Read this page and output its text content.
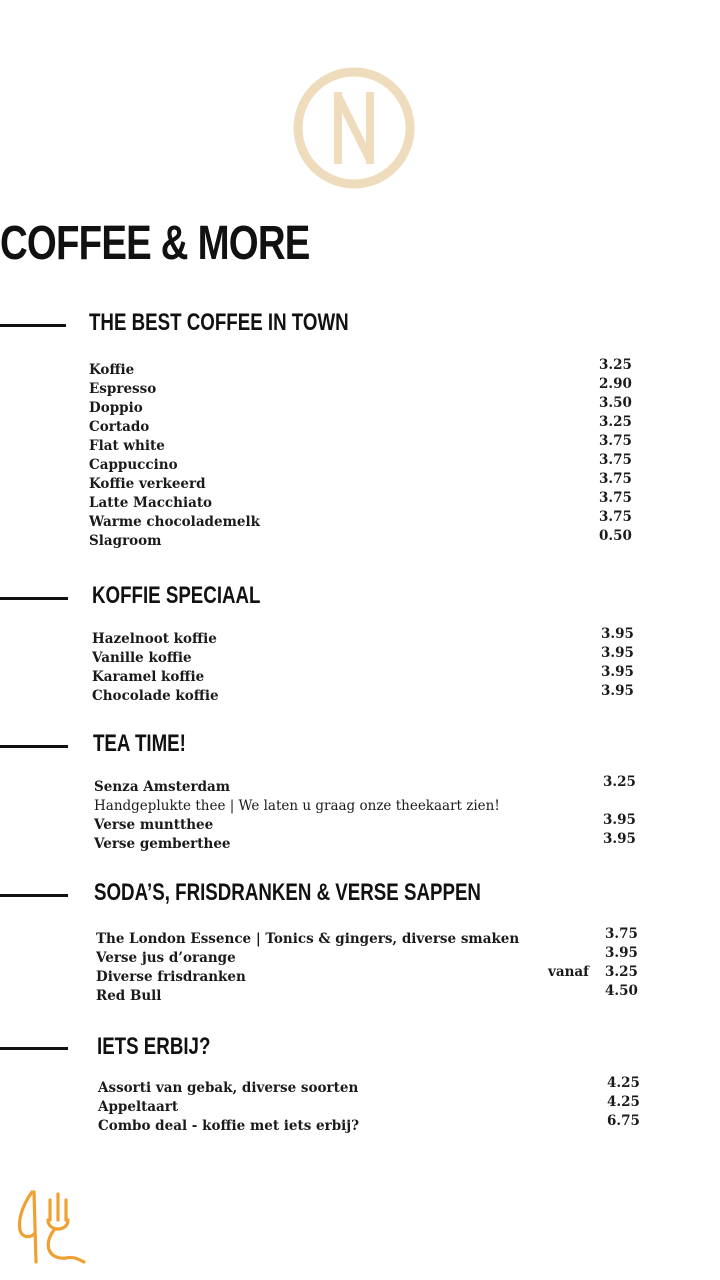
COFFEE & MORE
THE BEST COFFEE IN TOWN
Koffie	3.25
Espresso	2.90
Doppio	3.50
Cortado	3.25
Flat white	3.75
Cappuccino	3.75
Koffie verkeerd	3.75
Latte Macchiato	3.75
Warme chocolademelk	3.75
Slagroom	0.50
KOFFIE SPECIAAL
Hazelnoot koffie	3.95
Vanille koffie	3.95
Karamel koffie	3.95
Chocolade koffie	3.95
TEA TIME!
Senza Amsterdam	3.25
Handgeplukte thee | We laten u graag onze theekaart zien!
Verse muntthee	3.95
Verse gemberthee	3.95
SODA’S, FRISDRANKEN & VERSE SAPPEN
The London Essence | Tonics & gingers, diverse smaken	3.75
Verse jus d’orange	3.95
Diverse frisdranken	vanaf 3.25
Red Bull	4.50
IETS ERBIJ?
Assorti van gebak, diverse soorten	4.25
Appeltaart	4.25
Combo deal - koffie met iets erbij?	6.75
